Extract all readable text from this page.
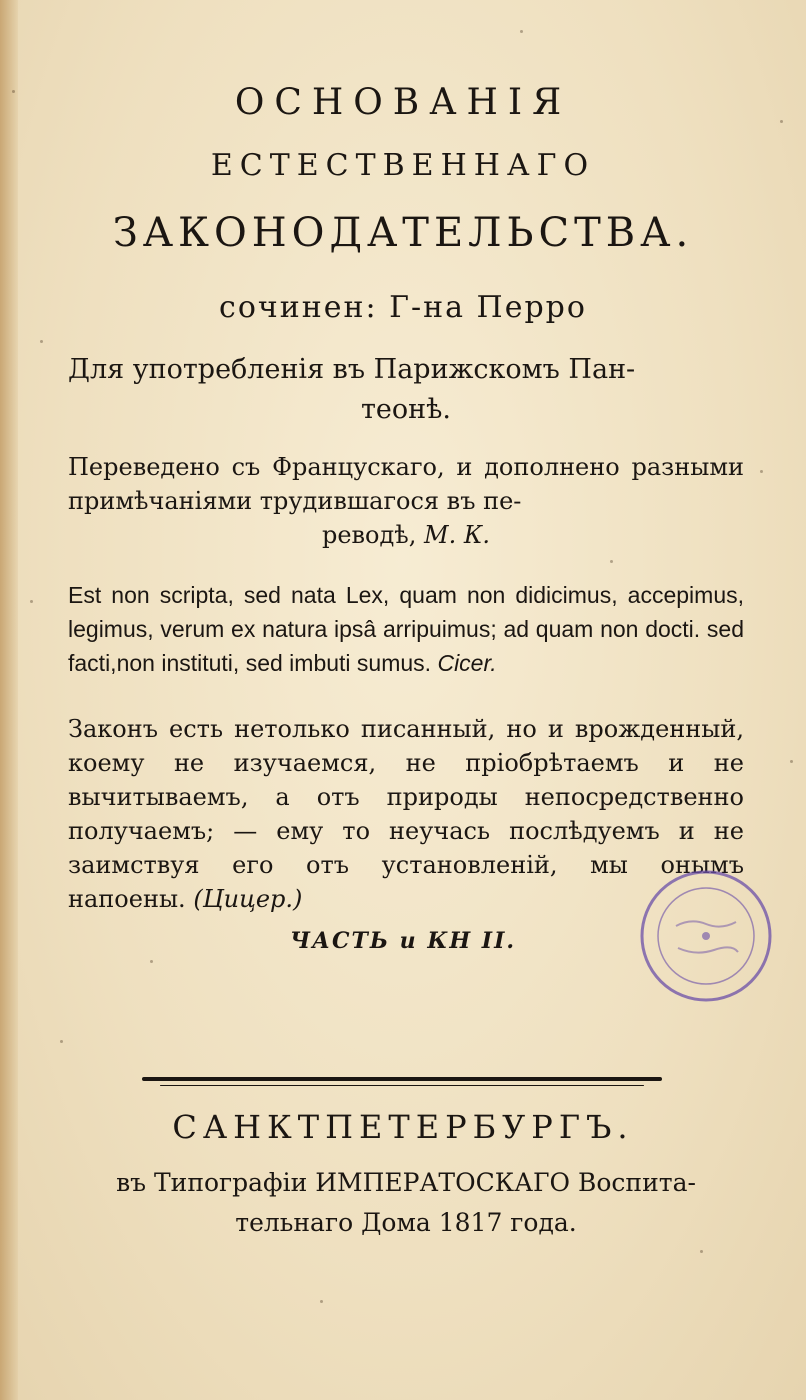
ОСНОВАНІЯ
ЕСТЕСТВЕННАГО
ЗАКОНОДАТЕЛЬСТВА.
сочинен: Г-на Перро
Для употребленія въ Парижскомъ Пан-

теонѣ.
Переведено съ Францускаго, и дополнено разными примѣчаніями трудившагося въ пе-

реводѣ, М. К.
Est non scripta, sed nata Lex, quam non didicimus, accepimus, legimus, verum ex natura ipsâ arripuimus; ad quam non docti. sed facti,non instituti, sed imbuti sumus. Cicer.
Законъ есть нетолько писанный, но и врожденный, коему не изучаемся, не пріобрѣтаемъ и не вычитываемъ, а отъ природы непосредственно получаемъ; — ему то неучась послѣдуемъ и не заимствуя его отъ установленій, мы онымъ напоены. (Цицер.)
ЧАСТЬ и КН II.
САНКТПЕТЕРБУРГЪ.
въ Типографіи ИМПЕРАТОСКАГО Воспита-
тельнаго Дома 1817 года.
